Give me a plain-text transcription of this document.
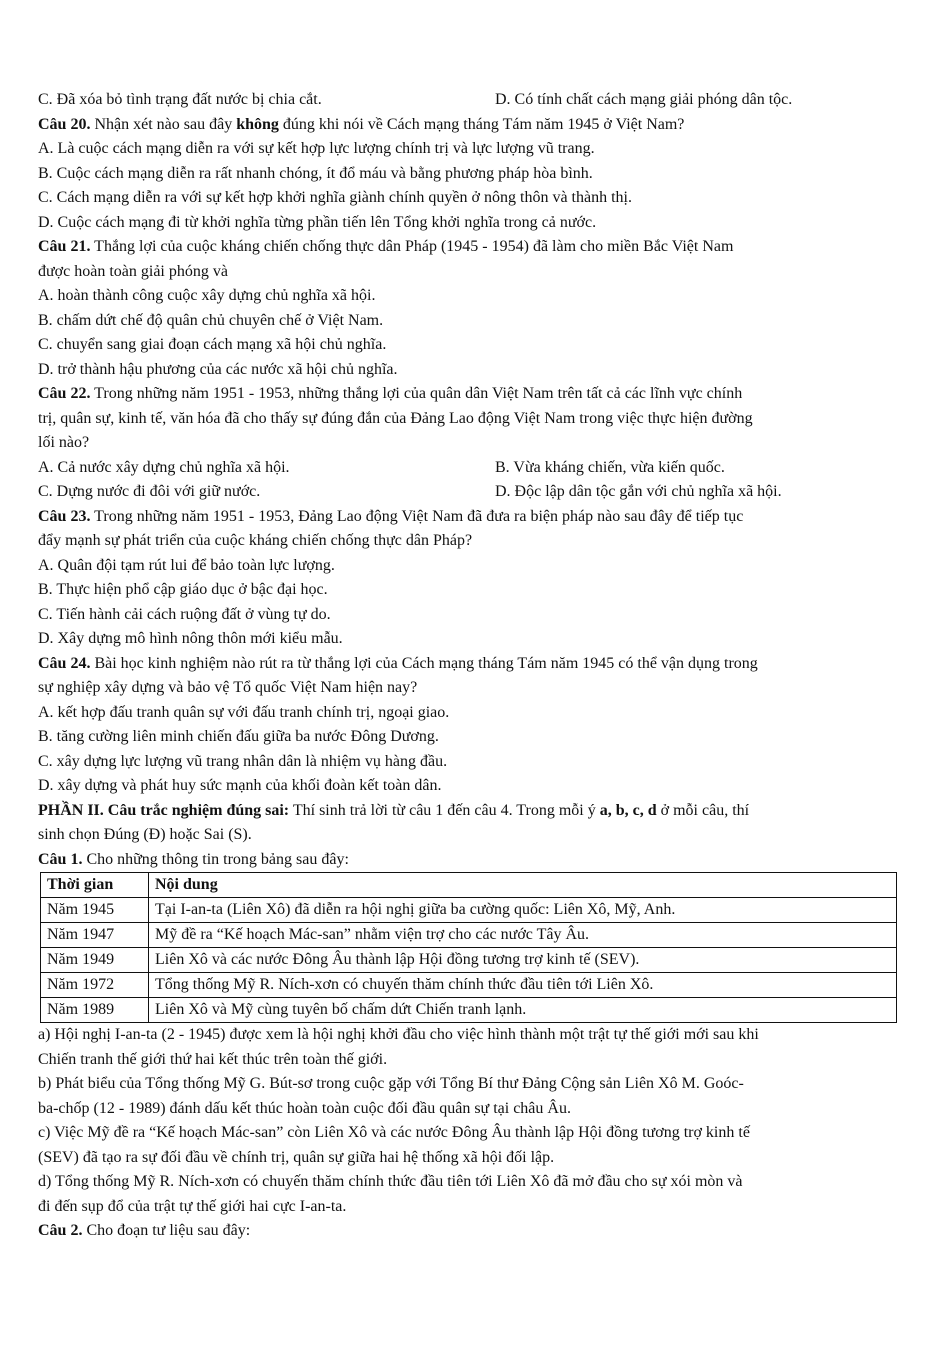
C. Đã xóa bỏ tình trạng đất nước bị chia cắt.	D. Có tính chất cách mạng giải phóng dân tộc.
Câu 20. Nhận xét nào sau đây không đúng khi nói về Cách mạng tháng Tám năm 1945 ở Việt Nam?
A. Là cuộc cách mạng diễn ra với sự kết hợp lực lượng chính trị và lực lượng vũ trang.
B. Cuộc cách mạng diễn ra rất nhanh chóng, ít đổ máu và bằng phương pháp hòa bình.
C. Cách mạng diễn ra với sự kết hợp khởi nghĩa giành chính quyền ở nông thôn và thành thị.
D. Cuộc cách mạng đi từ khởi nghĩa từng phần tiến lên Tổng khởi nghĩa trong cả nước.
Câu 21. Thắng lợi của cuộc kháng chiến chống thực dân Pháp (1945 - 1954) đã làm cho miền Bắc Việt Nam
được hoàn toàn giải phóng và
A. hoàn thành công cuộc xây dựng chủ nghĩa xã hội.
B. chấm dứt chế độ quân chủ chuyên chế ở Việt Nam.
C. chuyển sang giai đoạn cách mạng xã hội chủ nghĩa.
D. trở thành hậu phương của các nước xã hội chủ nghĩa.
Câu 22. Trong những năm 1951 - 1953, những thắng lợi của quân dân Việt Nam trên tất cả các lĩnh vực chính
trị, quân sự, kinh tế, văn hóa đã cho thấy sự đúng đắn của Đảng Lao động Việt Nam trong việc thực hiện đường
lối nào?
A. Cả nước xây dựng chủ nghĩa xã hội.	B. Vừa kháng chiến, vừa kiến quốc.
C. Dựng nước đi đôi với giữ nước.	D. Độc lập dân tộc gắn với chủ nghĩa xã hội.
Câu 23. Trong những năm 1951 - 1953, Đảng Lao động Việt Nam đã đưa ra biện pháp nào sau đây để tiếp tục
đẩy mạnh sự phát triển của cuộc kháng chiến chống thực dân Pháp?
A. Quân đội tạm rút lui để bảo toàn lực lượng.
B. Thực hiện phổ cập giáo dục ở bậc đại học.
C. Tiến hành cải cách ruộng đất ở vùng tự do.
D. Xây dựng mô hình nông thôn mới kiểu mẫu.
Câu 24. Bài học kinh nghiệm nào rút ra từ thắng lợi của Cách mạng tháng Tám năm 1945 có thể vận dụng trong
sự nghiệp xây dựng và bảo vệ Tổ quốc Việt Nam hiện nay?
A. kết hợp đấu tranh quân sự với đấu tranh chính trị, ngoại giao.
B. tăng cường liên minh chiến đấu giữa ba nước Đông Dương.
C. xây dựng lực lượng vũ trang nhân dân là nhiệm vụ hàng đầu.
D. xây dựng và phát huy sức mạnh của khối đoàn kết toàn dân.
PHẦN II. Câu trắc nghiệm đúng sai: Thí sinh trả lời từ câu 1 đến câu 4. Trong mỗi ý a, b, c, d ở mỗi câu, thí
sinh chọn Đúng (Đ) hoặc Sai (S).
Câu 1. Cho những thông tin trong bảng sau đây:
Thời gian	Nội dung
Năm 1945	Tại I-an-ta (Liên Xô) đã diễn ra hội nghị giữa ba cường quốc: Liên Xô, Mỹ, Anh.
Năm 1947	Mỹ đề ra “Kế hoạch Mác-san” nhằm viện trợ cho các nước Tây Âu.
Năm 1949	Liên Xô và các nước Đông Âu thành lập Hội đồng tương trợ kinh tế (SEV).
Năm 1972	Tổng thống Mỹ R. Ních-xơn có chuyến thăm chính thức đầu tiên tới Liên Xô.
Năm 1989	Liên Xô và Mỹ cùng tuyên bố chấm dứt Chiến tranh lạnh.
a) Hội nghị I-an-ta (2 - 1945) được xem là hội nghị khởi đầu cho việc hình thành một trật tự thế giới mới sau khi
Chiến tranh thế giới thứ hai kết thúc trên toàn thế giới.
b) Phát biểu của Tổng thống Mỹ G. Bút-sơ trong cuộc gặp với Tổng Bí thư Đảng Cộng sản Liên Xô M. Goóc-
ba-chốp (12 - 1989) đánh dấu kết thúc hoàn toàn cuộc đối đầu quân sự tại châu Âu.
c) Việc Mỹ đề ra “Kế hoạch Mác-san” còn Liên Xô và các nước Đông Âu thành lập Hội đồng tương trợ kinh tế
(SEV) đã tạo ra sự đối đầu về chính trị, quân sự giữa hai hệ thống xã hội đối lập.
d) Tổng thống Mỹ R. Ních-xơn có chuyến thăm chính thức đầu tiên tới Liên Xô đã mở đầu cho sự xói mòn và
đi đến sụp đổ của trật tự thế giới hai cực I-an-ta.
Câu 2. Cho đoạn tư liệu sau đây:
